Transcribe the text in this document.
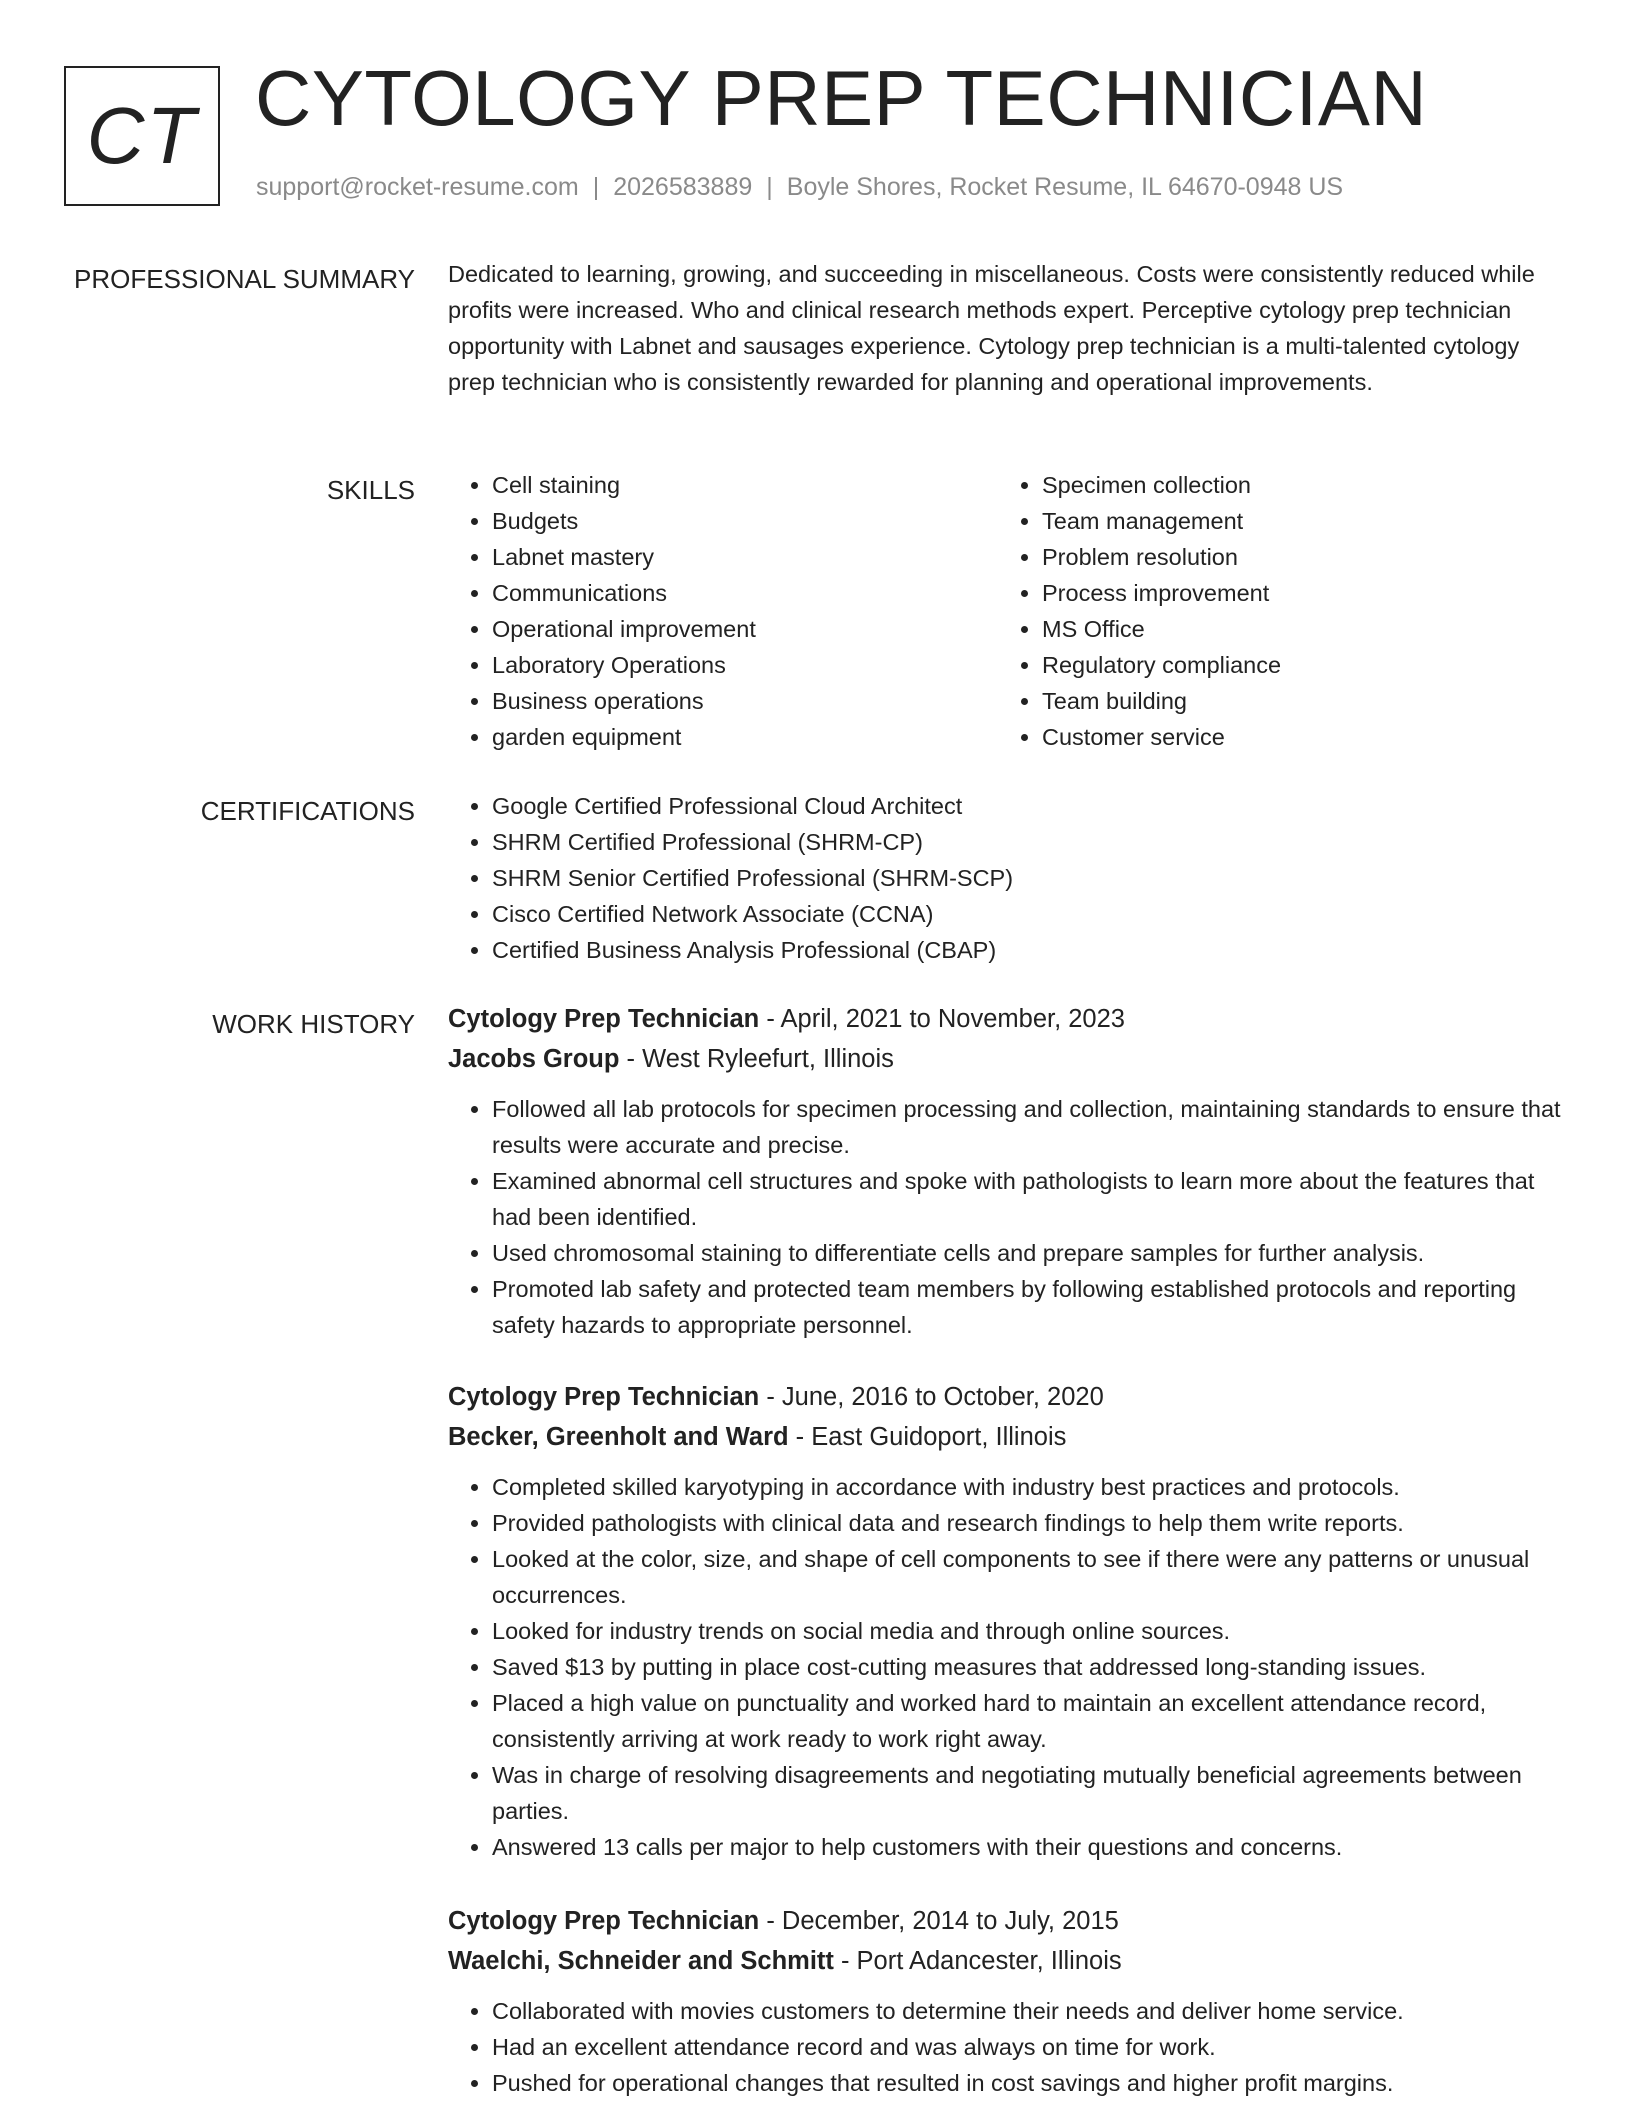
CT CYTOLOGY PREP TECHNICIAN
support@rocket-resume.com | 2026583889 | Boyle Shores, Rocket Resume, IL 64670-0948 US
PROFESSIONAL SUMMARY Dedicated to learning, growing, and succeeding in miscellaneous. Costs were consistently reduced while profits were increased. Who and clinical research methods expert. Perceptive cytology prep technician opportunity with Labnet and sausages experience. Cytology prep technician is a multi-talented cytology prep technician who is consistently rewarded for planning and operational improvements.
SKILLS	• Cell staining
• Budgets
• Labnet mastery
• Communications
• Operational improvement
• Laboratory Operations
• Business operations
• garden equipment
• Specimen collection
• Team management
• Problem resolution
• Process improvement
• MS Office
• Regulatory compliance
• Team building
• Customer service
CERTIFICATIONS	• Google Certified Professional Cloud Architect
• SHRM Certified Professional (SHRM-CP)
• SHRM Senior Certified Professional (SHRM-SCP)
• Cisco Certified Network Associate (CCNA)
• Certified Business Analysis Professional (CBAP)
WORK HISTORY Cytology Prep Technician - April, 2021 to November, 2023
Jacobs Group - West Ryleefurt, Illinois
• Followed all lab protocols for specimen processing and collection, maintaining standards to ensure that results were accurate and precise.
• Examined abnormal cell structures and spoke with pathologists to learn more about the features that had been identified.
• Used chromosomal staining to differentiate cells and prepare samples for further analysis.
• Promoted lab safety and protected team members by following established protocols and reporting safety hazards to appropriate personnel.
Cytology Prep Technician - June, 2016 to October, 2020
Becker, Greenholt and Ward - East Guidoport, Illinois
• Completed skilled karyotyping in accordance with industry best practices and protocols.
• Provided pathologists with clinical data and research findings to help them write reports.
• Looked at the color, size, and shape of cell components to see if there were any patterns or unusual occurrences.
• Looked for industry trends on social media and through online sources.
• Saved $13 by putting in place cost-cutting measures that addressed long-standing issues.
• Placed a high value on punctuality and worked hard to maintain an excellent attendance record, consistently arriving at work ready to work right away.
• Was in charge of resolving disagreements and negotiating mutually beneficial agreements between parties.
• Answered 13 calls per major to help customers with their questions and concerns.
Cytology Prep Technician - December, 2014 to July, 2015
Waelchi, Schneider and Schmitt - Port Adancester, Illinois
• Collaborated with movies customers to determine their needs and deliver home service.
• Had an excellent attendance record and was always on time for work.
• Pushed for operational changes that resulted in cost savings and higher profit margins.
